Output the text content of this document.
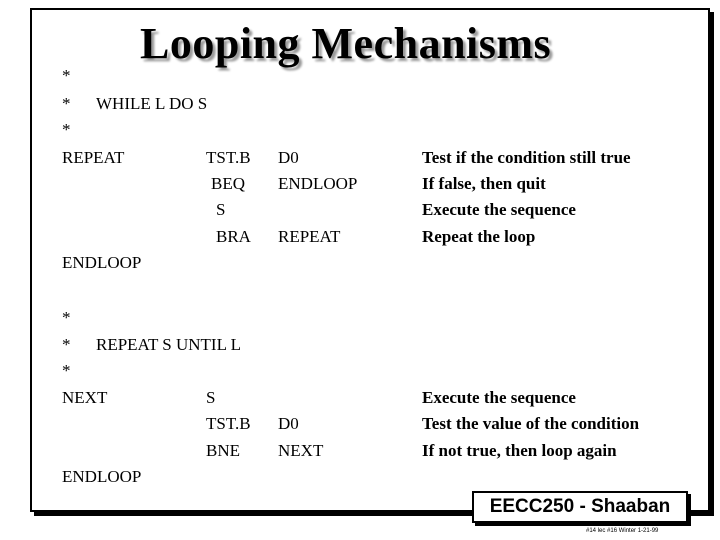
Looping Mechanisms
*
* WHILE L DO S
*
REPEAT	TST.B D0	Test if the condition still true
BEQ ENDLOOP	If false, then quit
S	Execute the sequence
BRA REPEAT	Repeat the loop
ENDLOOP
*
* REPEAT S UNTIL L
*
NEXT	S	Execute the sequence
TST.B D0	Test the value of the condition
BNE NEXT	If not true, then loop again
ENDLOOP
EECC250 - Shaaban
#14 lec #16 Winter 1-21-99
